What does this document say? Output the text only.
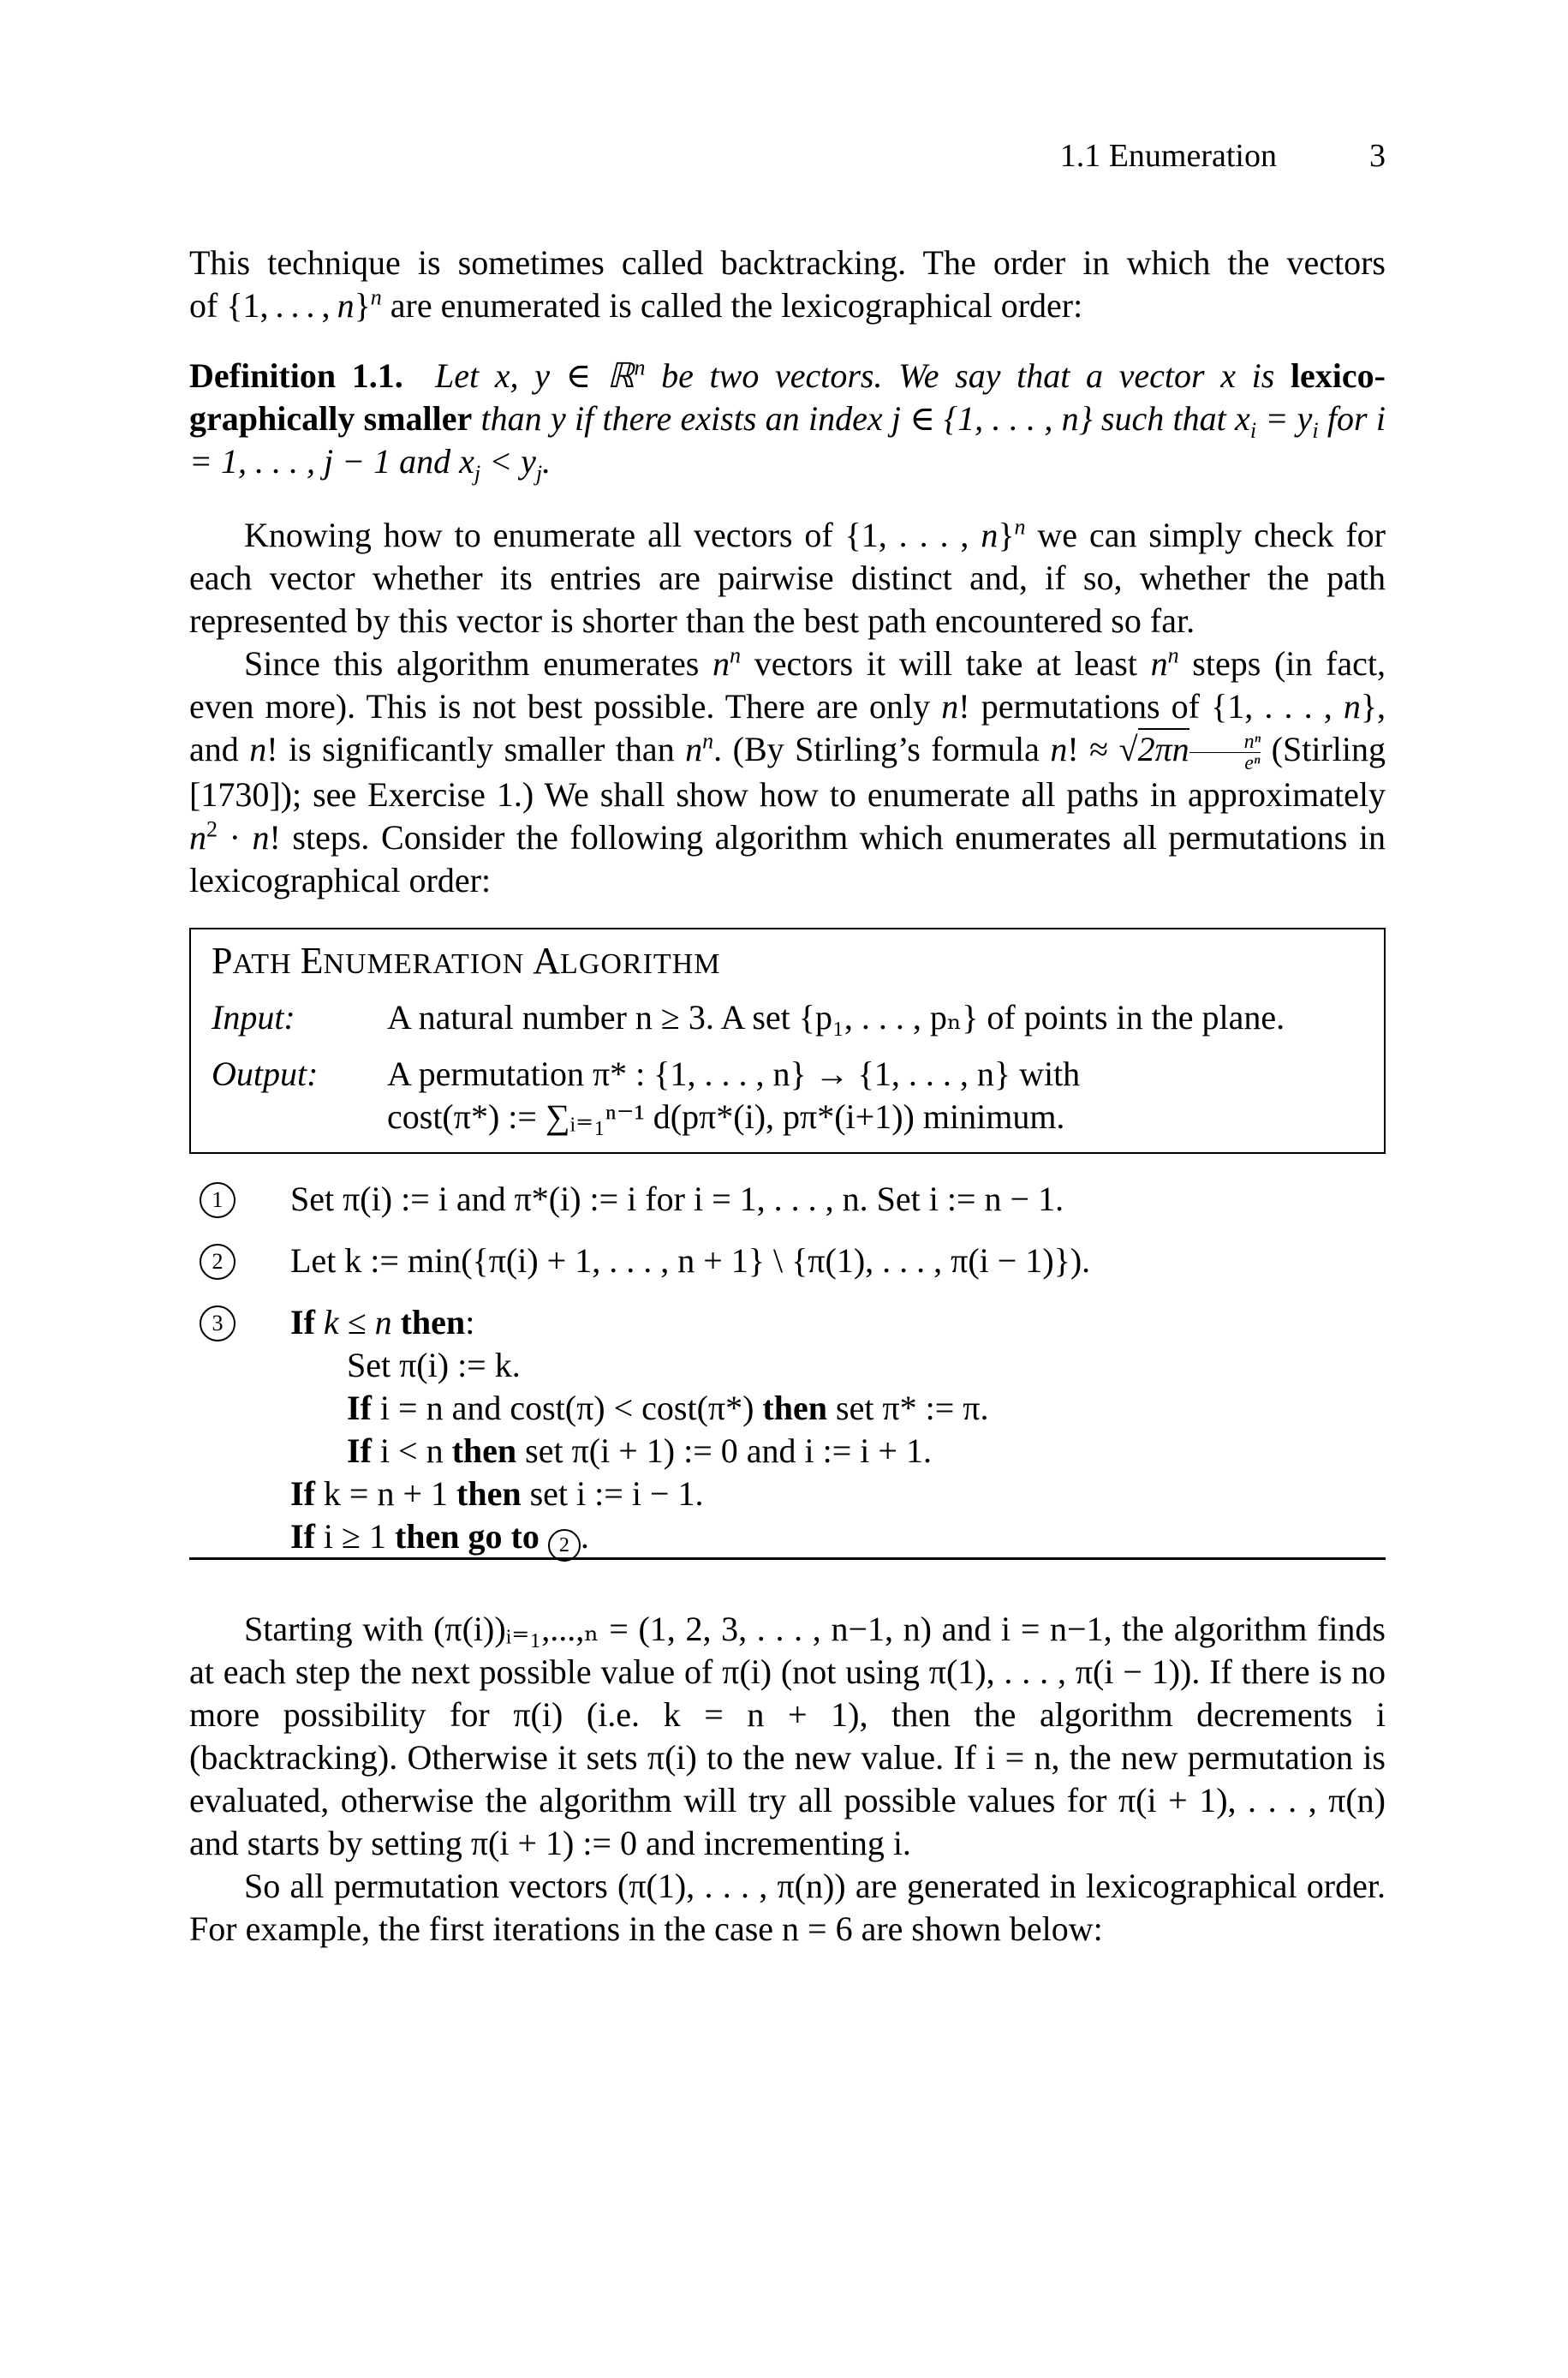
1.1 Enumeration	3

This technique is sometimes called backtracking. The order in which the vectors

of {1, . . . , n}$^n$ are enumerated is called the lexicographical order:

Definition 1.1. Let x, y ∈ ℝ$^n$ be two vectors. We say that a vector x is lexico-graphically smaller than y if there exists an index j ∈ {1, . . . , n} such that $x_i = y_i$ for i = 1, . . . , j − 1 and $x_j < y_j$.

Knowing how to enumerate all vectors of {1, . . . , n}$^n$ we can simply check for each vector whether its entries are pairwise distinct and, if so, whether the path represented by this vector is shorter than the best path encountered so far.

Since this algorithm enumerates $n^n$ vectors it will take at least $n^n$ steps (in fact, even more). This is not best possible. There are only n! permutations of {1, . . . , n}, and n! is significantly smaller than $n^n$. (By Stirling’s formula n! ≈ $√2\pi n \frac{\text{nⁿ}}{\text{eⁿ}}$ (Stirling [1730]); see Exercise 1.) We shall show how to enumerate all paths in approximately $n^2 \cdot n$! steps. Consider the following algorithm which enumerates all permutations in lexicographical order:

PATH ENUMERATION ALGORITHM
Input:	A natural number n ≥ 3. A set {p₁, . . . , pₙ} of points in the plane.
Output: A permutation π* : {1, . . . , n} → {1, . . . , n} with
cost(π*) := ∑ᵢ₌₁ⁿ⁻¹ d(pπ*(i), pπ*(i+1)) minimum.
1	Set π(i) := i and π*(i) := i for i = 1, . . . , n. Set i := n − 1.
2	Let k := min({π(i) + 1, . . . , n + 1} \ {π(1), . . . , π(i − 1)}).
3	If k ≤ n then:
Set π(i) := k.
If i = n and cost(π) < cost(π*) then set π* := π.
If i < n then set π(i + 1) := 0 and i := i + 1.
If k = n + 1 then set i := i − 1.
If i ≥ 1 then go to 2 .

Starting with (π(i))ᵢ₌₁,...,ₙ = (1, 2, 3, . . . , n−1, n) and i = n−1, the algorithm finds at each step the next possible value of π(i) (not using π(1), . . . , π(i − 1)). If there is no more possibility for π(i) (i.e. k = n + 1), then the algorithm decrements i (backtracking). Otherwise it sets π(i) to the new value. If i = n, the new permutation is evaluated, otherwise the algorithm will try all possible values for π(i + 1), . . . , π(n) and starts by setting π(i + 1) := 0 and incrementing i.

So all permutation vectors (π(1), . . . , π(n)) are generated in lexicographical order. For example, the first iterations in the case n = 6 are shown below:
